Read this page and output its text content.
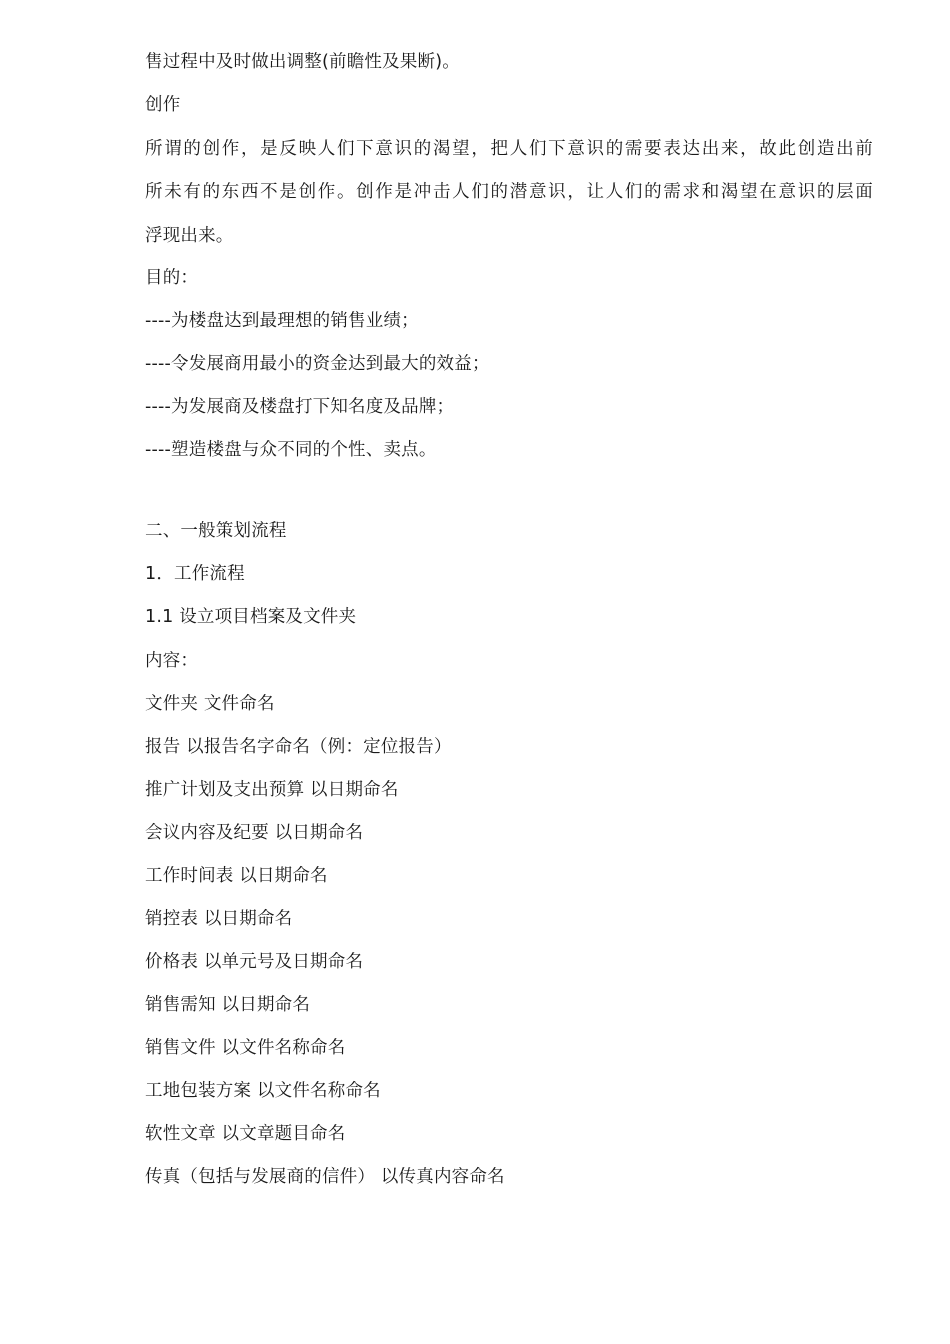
售过程中及时做出调整(前瞻性及果断)。
创作
所谓的创作，是反映人们下意识的渴望，把人们下意识的需要表达出来，故此创造出前
所未有的东西不是创作。创作是冲击人们的潜意识，让人们的需求和渴望在意识的层面
浮现出来。
目的：
----为楼盘达到最理想的销售业绩；
----令发展商用最小的资金达到最大的效益；
----为发展商及楼盘打下知名度及品牌；
----塑造楼盘与众不同的个性、卖点。
二、一般策划流程
1．工作流程
1.1 设立项目档案及文件夹
内容：
文件夹 文件命名
报告 以报告名字命名（例：定位报告）
推广计划及支出预算 以日期命名
会议内容及纪要 以日期命名
工作时间表 以日期命名
销控表 以日期命名
价格表 以单元号及日期命名
销售需知 以日期命名
销售文件 以文件名称命名
工地包装方案 以文件名称命名
软性文章 以文章题目命名
传真（包括与发展商的信件） 以传真内容命名
